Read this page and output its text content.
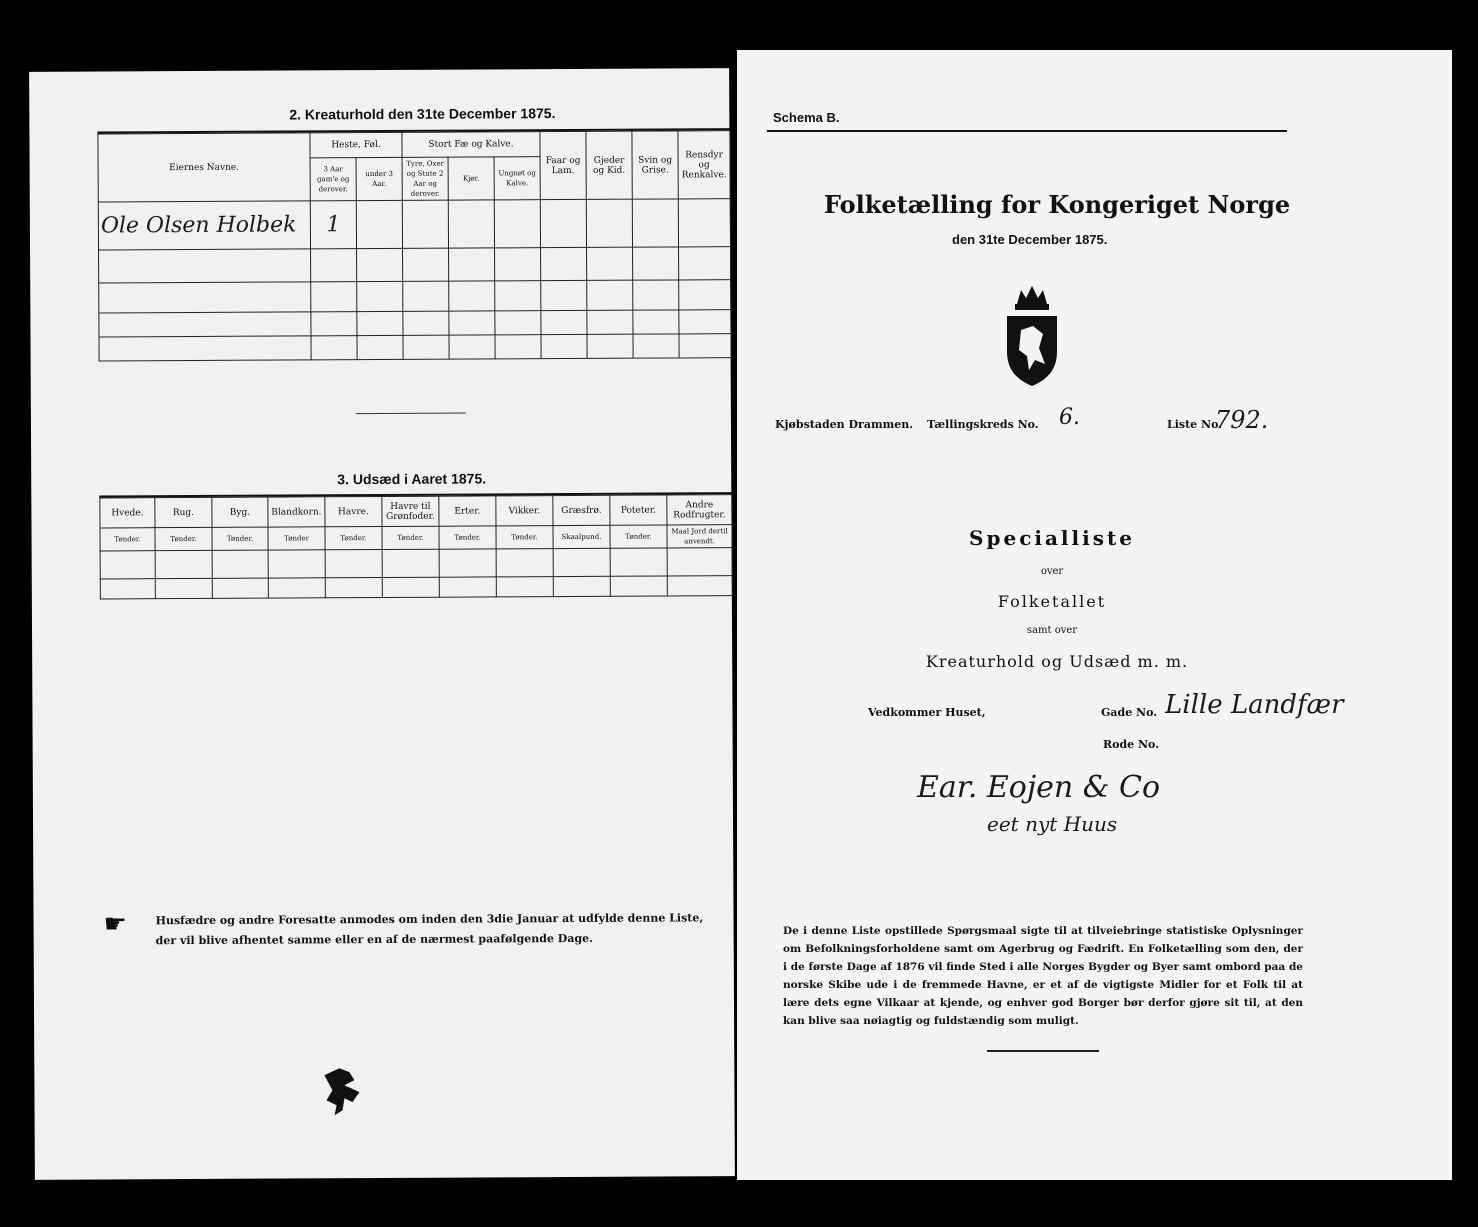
2. Kreaturhold den 31te December 1875.
Eiernes Navne.	Heste, Føl.		Stort Fæ og Kalve.			Faar og Lam.	Gjeder og Kid.	Svin og Grise.	Rensdyr og Renkalve.
	3 Aar gam'e og derover.	under 3 Aar.	Tyre, Oxer og Stute 2 Aar og derover.	Kjør.	Ungnøt og Kalve.				
Ole Olsen Holbek	1								

3. Udsæd i Aaret 1875.
Hvede.	Rug.	Byg.	Blandkorn.	Havre.	Havre til Grønfoder.	Erter.	Vikker.	Græsfrø.	Poteter.	Andre Rodfrugter.
Tønder.	Tønder.	Tønder.	Tønder	Tønder.	Tønder.	Tønder.	Tønder.	Skaalpund.	Tønder.	Maal Jord dertil anvendt.

☛	Husfædre og andre Foresatte anmodes om inden den 3die Januar at udfylde denne Liste, der vil blive afhentet samme eller en af de nærmest paafølgende Dage.
Schema B.
Folketælling for Kongeriget Norge
den 31te December 1875.
Kjøbstaden Drammen. Tællingskreds No. 6.	Liste No.
792.
Specialliste
over
Folketallet
samt over
Kreaturhold og Udsæd m. m.
Vedkommer Huset,	Gade No. Lille Landfær
Rode No.
Ear. Eojen & Co
eet nyt Huus
De i denne Liste opstillede Spørgsmaal sigte til at tilveiebringe statistiske Oplysninger om Befolkningsforholdene samt om Agerbrug og Fædrift. En Folketælling som den, der i de første Dage af 1876 vil finde Sted i alle Norges Bygder og Byer samt ombord paa de norske Skibe ude i de fremmede Havne, er et af de vigtigste Midler for et Folk til at lære dets egne Vilkaar at kjende, og enhver god Borger bør derfor gjøre sit til, at den kan blive saa nøiagtig og fuldstændig som muligt.
